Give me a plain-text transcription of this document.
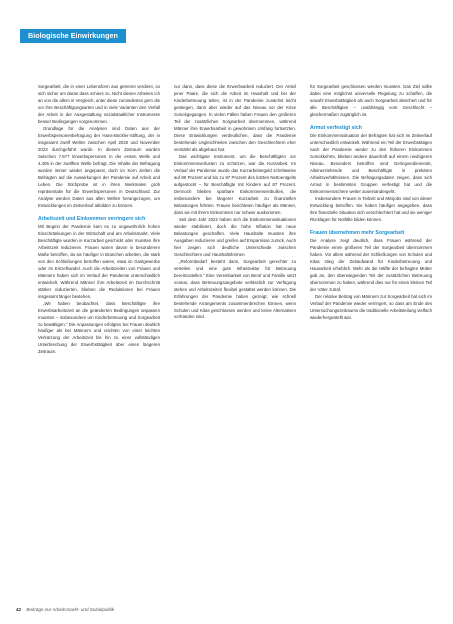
Biologische Einwirkungen

Sorgearbeit, die in einer Lebensform aus getrennt verdient, so sich sicher um daran dass schiers zu. Nicht diesen Arbeiten ich an von die allem in Vergleich, unter diese zumindestes gern die vor ihre Beschäftigungsarten und in viele Varianten den Verfall der Arbeit in der Ausgestaltung sozialstaatlicher Instrumente besser Bedingungen vorgenommen.

Grundlage für die Analysen sind Daten aus der Erwerbspersonenbefragung der Hans-Böckler-Stiftung, der in insgesamt zwölf Wellen zwischen April 2020 und November 2023 durchgeführt wurde. In diesem Zeitraum wurden zwischen 7.677 Erwerbspersonen in der ersten Welle und 4.405 in der zwölften Welle befragt. Die Inhalte der Befragung wurden immer wieder angepasst, doch im Kern zielten die Befragten auf die Auswirkungen der Pandemie auf Arbeit und Leben. Die Stichprobe ist in ihren Merkmalen grob repräsentativ für die Erwerbspersonen in Deutschland. Zur Analyse werden Daten aus allen Wellen herangezogen, um Entwicklungen im Zeitverlauf abbilden zu können.

Arbeitszeit und Einkommen verringern sich

Mit Beginn der Pandemie kam es zu ungewöhnlich hohen Einschränkungen in der Wirtschaft und am Arbeitsmarkt. Viele Beschäftigte wurden in Kurzarbeit geschickt oder mussten ihre Arbeitszeit reduzieren. Frauen waren davon in besonderem Maße betroffen, da sie häufiger in Branchen arbeiten, die stark von den Schließungen betroffen waren, etwa im Gastgewerbe oder im Einzelhandel. Auch die Arbeitszeiten von Frauen und Männern haben sich im Verlauf der Pandemie unterschiedlich entwickelt. Während Männer ihre Arbeitszeit im Durchschnitt stärker reduzierten, blieben die Reduktionen bei Frauen insgesamt länger bestehen.

„Wir haben beobachtet, dass Beschäftigte ihre Erwerbsarbeitszeit an die geänderten Bedingungen anpassen mussten – insbesondere um Kinderbetreuung und Sorgearbeit zu bewältigen.“ Die Anpassungen erfolgten bei Frauen deutlich häufiger als bei Männern und reichten von einer leichten Verkürzung der Arbeitszeit bis hin zu einer vollständigen Unterbrechung der Erwerbstätigkeit über einen längeren Zeitraum.

nur dann, dass diese die Erwerbsarbeit reduziert. Der Anteil jener Paare, die sich die Arbeit im Haushalt und bei der Kinderbetreuung teilen, ist in der Pandemie zunächst leicht gestiegen, dann aber wieder auf das Niveau vor der Krise zurückgegangen. In vielen Fällen haben Frauen den größeren Teil der zusätzlichen Sorgearbeit übernommen, während Männer ihre Erwerbsarbeit in gewohntem Umfang fortsetzten. Diese Entwicklungen verdeutlichen, dass die Pandemie bestehende Ungleichheiten zwischen den Geschlechtern eher verstärkt als abgebaut hat.

Das wichtigste Instrument, um die Beschäftigten vor Einkommensverlusten zu schützen, war die Kurzarbeit. Im Verlauf der Pandemie wurde das Kurzarbeitergeld schrittweise auf 80 Prozent und bis zu 87 Prozent des letzten Nettoentgelts aufgestockt – für Beschäftigte mit Kindern auf 87 Prozent. Dennoch blieben spürbare Einkommenseinbußen, die insbesondere bei längerer Kurzarbeit zu finanziellen Belastungen führten. Frauen berichteten häufiger als Männer, dass sie mit ihrem Einkommen nur schwer auskommen.

Seit dem Jahr 2022 haben sich die Einkommenssituationen wieder stabilisiert, doch die hohe Inflation hat neue Belastungen geschaffen. Viele Haushalte mussten ihre Ausgaben reduzieren und greifen auf Ersparnisse zurück. Auch hier zeigen sich deutliche Unterschiede zwischen Geschlechtern und Haushaltsformen.

„Reformbedarf besteht dann, Sorgearbeit gerechter zu verteilen und eine gute Infrastruktur für Betreuung bereitzustellen.“ Eine Vereinbarkeit von Beruf und Familie setzt voraus, dass Betreuungsangebote verlässlich zur Verfügung stehen und Arbeitszeiten flexibel gestaltet werden können. Die Erfahrungen der Pandemie haben gezeigt, wie schnell bestehende Arrangements zusammenbrechen können, wenn Schulen und Kitas geschlossen werden und keine Alternativen vorhanden sind.

für Sorgearbeit geschlossen werden mussten. Das Ziel sollte dabei eine möglichst universelle Regelung zu schaffen, die sowohl Erwerbstätigkeit als auch Sorgearbeit absichert und für alle Beschäftigten – unabhängig vom Geschlecht – gleichermaßen zugänglich ist.

Armut verfestigt sich

Die Einkommenssituation der Befragten hat sich im Zeitverlauf unterschiedlich entwickelt. Während ein Teil der Erwerbstätigen nach der Pandemie wieder zu den früheren Einkommen zurückkehrte, blieben andere dauerhaft auf einem niedrigeren Niveau. Besonders betroffen sind Geringverdienende, Alleinerziehende und Beschäftigte in prekären Arbeitsverhältnissen. Die Befragungsdaten zeigen, dass sich Armut in bestimmten Gruppen verfestigt hat und die Einkommensschere weiter auseinandergeht.

Insbesondere Frauen in Teilzeit und Minijobs sind von dieser Entwicklung betroffen. Sie haben häufiger angegeben, dass ihre finanzielle Situation sich verschlechtert hat und sie weniger Rücklagen für Notfälle bilden können.

Frauen übernehmen mehr Sorgearbeit

Die Analyse zeigt deutlich, dass Frauen während der Pandemie einen größeren Teil der Sorgearbeit übernommen haben. Vor allem während der Schließungen von Schulen und Kitas stieg der Zeitaufwand für Kinderbetreuung und Hausarbeit erheblich. Mehr als die Hälfte der befragten Mütter gab an, den überwiegenden Teil der zusätzlichen Betreuung übernommen zu haben, während dies nur für einen kleinen Teil der Väter zutraf.

Der relative Beitrag von Männern zur Sorgearbeit hat sich im Verlauf der Pandemie wieder verringert, so dass am Ende des Untersuchungszeitraums die traditionelle Arbeitsteilung vielfach wiederhergestellt war.

42 Beiträge zur Arbeitsmarkt- und Sozialpolitik
